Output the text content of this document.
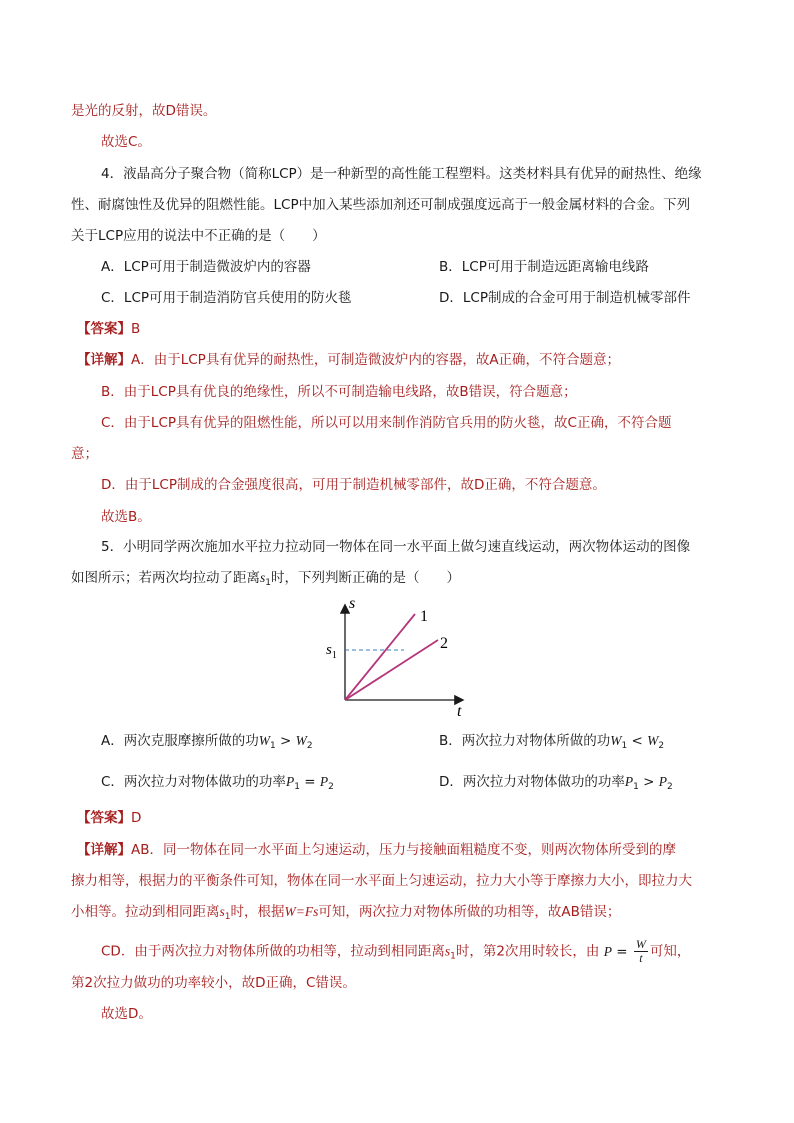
是光的反射，故D错误。
故选C。
4．液晶高分子聚合物（简称LCP）是一种新型的高性能工程塑料。这类材料具有优异的耐热性、绝缘
性、耐腐蚀性及优异的阻燃性能。LCP中加入某些添加剂还可制成强度远高于一般金属材料的合金。下列
关于LCP应用的说法中不正确的是（　　）
A．LCP可用于制造微波炉内的容器	B．LCP可用于制造远距离输电线路
C．LCP可用于制造消防官兵使用的防火毯	D．LCP制成的合金可用于制造机械零部件
【答案】B
【详解】A．由于LCP具有优异的耐热性，可制造微波炉内的容器，故A正确，不符合题意；
B．由于LCP具有优良的绝缘性，所以不可制造输电线路，故B错误，符合题意；
C．由于LCP具有优异的阻燃性能，所以可以用来制作消防官兵用的防火毯，故C正确，不符合题
意；
D．由于LCP制成的合金强度很高，可用于制造机械零部件，故D正确，不符合题意。
故选B。
5．小明同学两次施加水平拉力拉动同一物体在同一水平面上做匀速直线运动，两次物体运动的图像
如图所示；若两次均拉动了距离$s_1$时，下列判断正确的是（　　）
s
t
$s_1$
1
2
A．两次克服摩擦所做的功$W_1 > W_2$	B．两次拉力对物体所做的功$W_1 < W_2$
C．两次拉力对物体做功的功率$P_1 = P_2$	D．两次拉力对物体做功的功率$P_1 > P_2$
【答案】D
【详解】AB．同一物体在同一水平面上匀速运动，压力与接触面粗糙度不变，则两次物体所受到的摩
擦力相等，根据力的平衡条件可知，物体在同一水平面上匀速运动，拉力大小等于摩擦力大小，即拉力大
小相等。拉动到相同距离$s_1$时，根据W=Fs可知，两次拉力对物体所做的功相等，故AB错误；
CD．由于两次拉力对物体所做的功相等，拉动到相同距离$s_1$时，第2次用时较长，由 $P = \frac{W}{t}$ 可知，
第2次拉力做功的功率较小，故D正确，C错误。
故选D。
